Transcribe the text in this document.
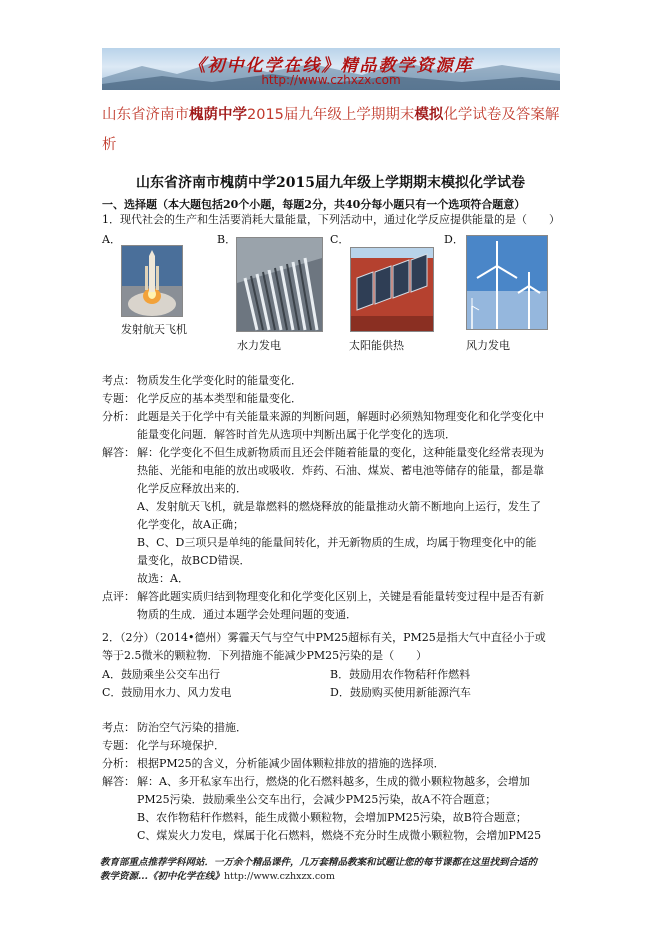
《初中化学在线》精品教学资源库
http://www.czhxzx.com
山东省济南市槐荫中学2015届九年级上学期期末模拟化学试卷及答案解析
山东省济南市槐荫中学2015届九年级上学期期末模拟化学试卷
一、选择题（本大题包括20个小题，每题2分，共40分每小题只有一个选项符合题意）
1．现代社会的生产和生活要消耗大量能量，下列活动中，通过化学反应提供能量的是（　　）
A．	B．	C．	D．
发射航天飞机
水力发电	太阳能供热	风力发电
考点： 物质发生化学变化时的能量变化．
专题： 化学反应的基本类型和能量变化．
分析： 此题是关于化学中有关能量来源的判断问题，解题时必须熟知物理变化和化学变化中
能量变化问题．解答时首先从选项中判断出属于化学变化的选项．
解答： 解：化学变化不但生成新物质而且还会伴随着能量的变化，这种能量变化经常表现为
热能、光能和电能的放出或吸收．炸药、石油、煤炭、蓄电池等储存的能量，都是靠
化学反应释放出来的．
A、发射航天飞机，就是靠燃料的燃烧释放的能量推动火箭不断地向上运行，发生了
化学变化，故A正确；
B、C、D三项只是单纯的能量间转化，并无新物质的生成，均属于物理变化中的能
量变化，故BCD错误．
故选：A．
点评： 解答此题实质归结到物理变化和化学变化区别上，关键是看能量转变过程中是否有新
物质的生成．通过本题学会处理问题的变通．
2．（2分）（2014•德州）雾霾天气与空气中PM25超标有关，PM25是指大气中直径小于或
等于2.5微米的颗粒物．下列措施不能减少PM25污染的是（　　）
A．鼓励乘坐公交车出行	B．鼓励用农作物秸秆作燃料
C．鼓励用水力、风力发电	D．鼓励购买使用新能源汽车
考点： 防治空气污染的措施．
专题： 化学与环境保护．
分析： 根据PM25的含义，分析能减少固体颗粒排放的措施的选择项．
解答： 解：A、多开私家车出行，燃烧的化石燃料越多，生成的微小颗粒物越多，会增加
PM25污染．鼓励乘坐公交车出行，会减少PM25污染，故A不符合题意；
B、农作物秸秆作燃料，能生成微小颗粒物，会增加PM25污染，故B符合题意；
C、煤炭火力发电，煤属于化石燃料，燃烧不充分时生成微小颗粒物，会增加PM25
教育部重点推荐学科网站．一万余个精品课件，几万套精品教案和试题让您的每节课都在这里找到合适的
教学资源...《初中化学在线》http://www.czhxzx.com
